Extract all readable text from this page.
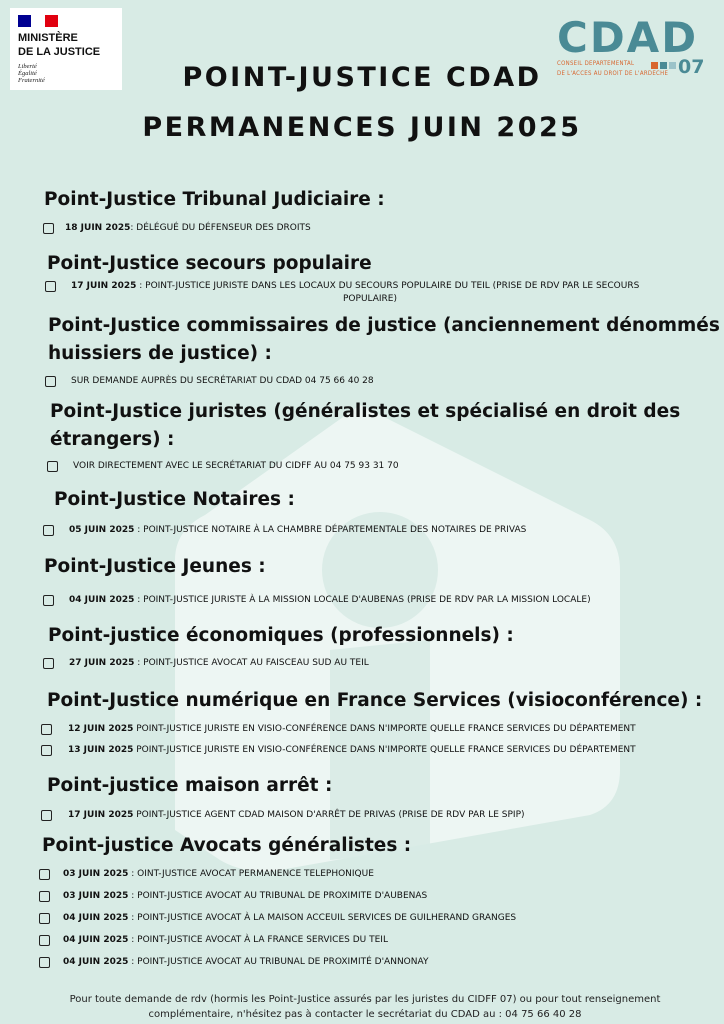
MINISTÈRE
DE LA JUSTICE
Liberté
Égalité
Fraternité
CDAD
CONSEIL DEPARTEMENTAL
DE L'ACCES AU DROIT DE L'ARDECHE 07
POINT-JUSTICE CDAD
PERMANENCES JUIN 2025
Point-Justice Tribunal Judiciaire :
18 JUIN 2025: DÉLÉGUÉ DU DÉFENSEUR DES DROITS
Point-Justice secours populaire
17 JUIN 2025 : POINT-JUSTICE JURISTE DANS LES LOCAUX DU SECOURS POPULAIRE DU TEIL (PRISE DE RDV PAR LE SECOURS
POPULAIRE)
Point-Justice commissaires de justice (anciennement dénommés
huissiers de justice) :
SUR DEMANDE AUPRÈS DU SECRÉTARIAT DU CDAD 04 75 66 40 28
Point-Justice juristes (généralistes et spécialisé en droit des
étrangers) :
VOIR DIRECTEMENT AVEC LE SECRÉTARIAT DU CIDFF AU 04 75 93 31 70
Point-Justice Notaires :
05 JUIN 2025 : POINT-JUSTICE NOTAIRE À LA CHAMBRE DÉPARTEMENTALE DES NOTAIRES DE PRIVAS
Point-Justice Jeunes :
04 JUIN 2025 : POINT-JUSTICE JURISTE À LA MISSION LOCALE D'AUBENAS (PRISE DE RDV PAR LA MISSION LOCALE)
Point-justice économiques (professionnels) :
27 JUIN 2025 : POINT-JUSTICE AVOCAT AU FAISCEAU SUD AU TEIL
Point-Justice numérique en France Services (visioconférence) :
12 JUIN 2025 POINT-JUSTICE JURISTE EN VISIO-CONFÉRENCE DANS N'IMPORTE QUELLE FRANCE SERVICES DU DÉPARTEMENT
13 JUIN 2025 POINT-JUSTICE JURISTE EN VISIO-CONFÉRENCE DANS N'IMPORTE QUELLE FRANCE SERVICES DU DÉPARTEMENT
Point-justice maison arrêt :
17 JUIN 2025 POINT-JUSTICE AGENT CDAD MAISON D'ARRÊT DE PRIVAS (PRISE DE RDV PAR LE SPIP)
Point-justice Avocats généralistes :
03 JUIN 2025 : OINT-JUSTICE AVOCAT PERMANENCE TELEPHONIQUE
03 JUIN 2025 : POINT-JUSTICE AVOCAT AU TRIBUNAL DE PROXIMITE D'AUBENAS
04 JUIN 2025 : POINT-JUSTICE AVOCAT À LA MAISON ACCEUIL SERVICES DE GUILHERAND GRANGES
04 JUIN 2025 : POINT-JUSTICE AVOCAT À LA FRANCE SERVICES DU TEIL
04 JUIN 2025 : POINT-JUSTICE AVOCAT AU TRIBUNAL DE PROXIMITÉ D'ANNONAY
Pour toute demande de rdv (hormis les Point-Justice assurés par les juristes du CIDFF 07) ou pour tout renseignement
complémentaire, n'hésitez pas à contacter le secrétariat du CDAD au : 04 75 66 40 28
